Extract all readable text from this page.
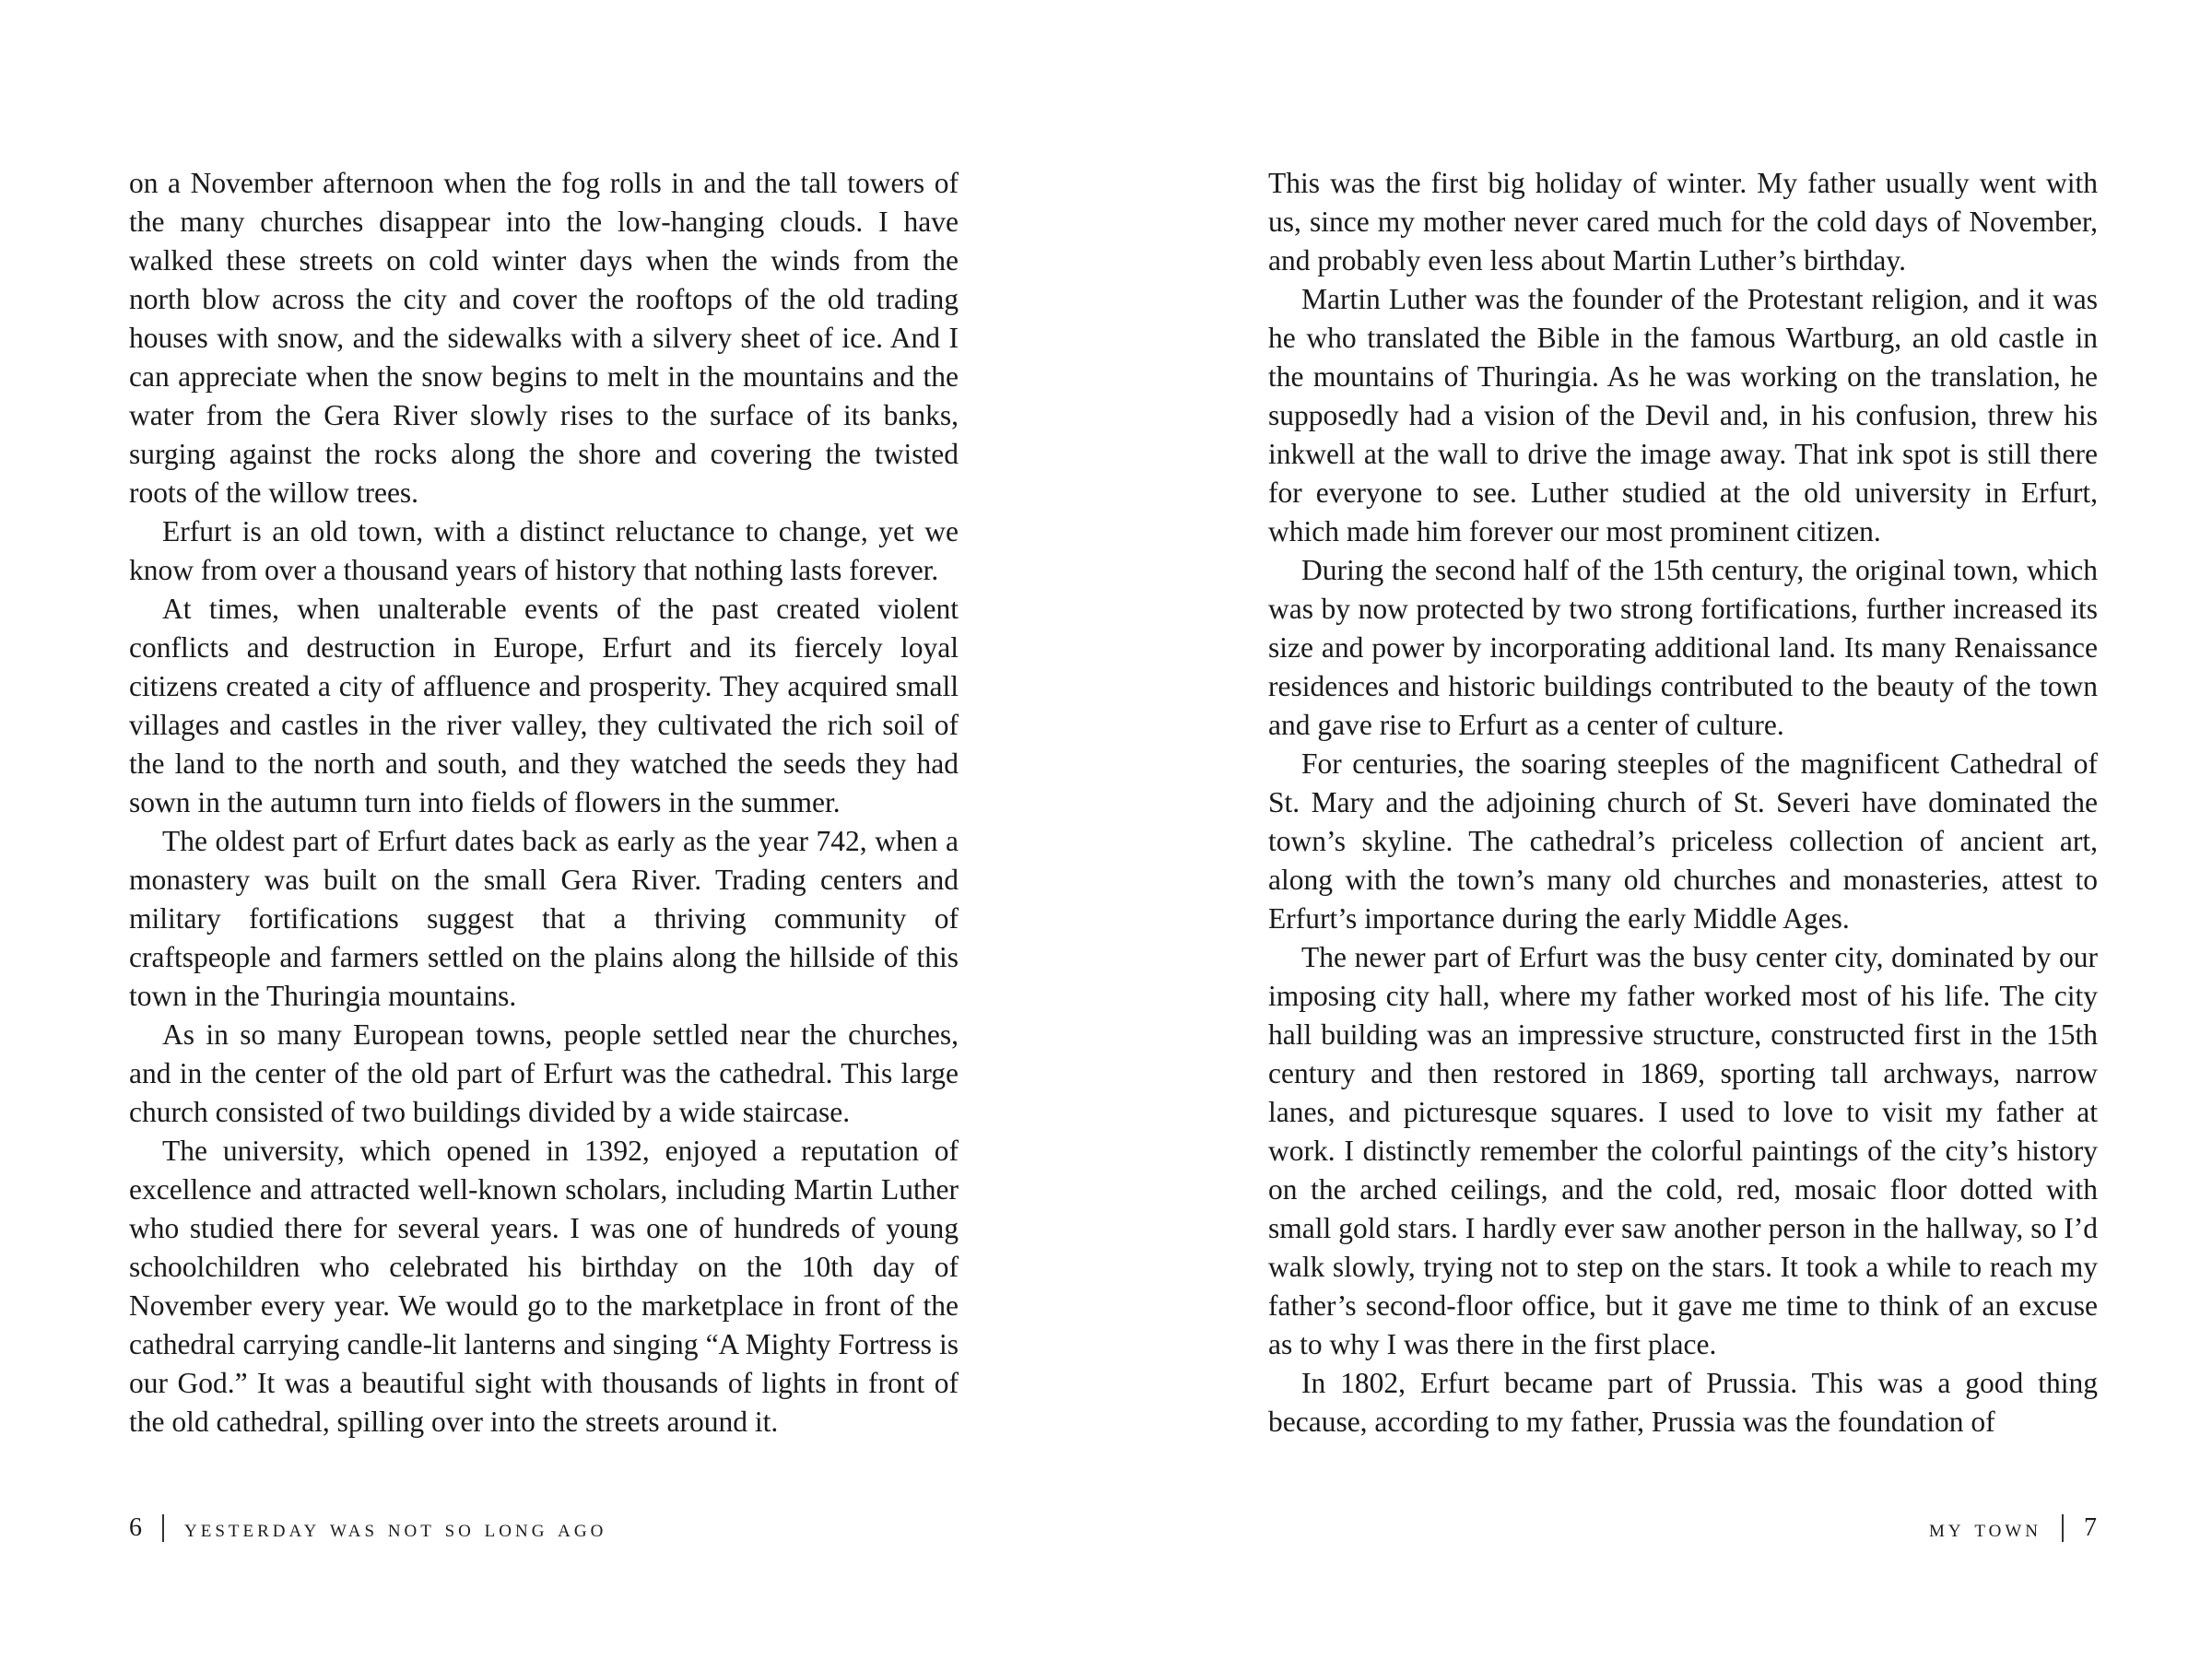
on a November afternoon when the fog rolls in and the tall towers of the many churches disappear into the low-hanging clouds. I have walked these streets on cold winter days when the winds from the north blow across the city and cover the rooftops of the old trading houses with snow, and the sidewalks with a silvery sheet of ice. And I can appreciate when the snow begins to melt in the mountains and the water from the Gera River slowly rises to the surface of its banks, surging against the rocks along the shore and covering the twisted roots of the willow trees.

Erfurt is an old town, with a distinct reluctance to change, yet we know from over a thousand years of history that nothing lasts forever.

At times, when unalterable events of the past created violent conflicts and destruction in Europe, Erfurt and its fiercely loyal citizens created a city of affluence and prosperity. They acquired small villages and castles in the river valley, they cultivated the rich soil of the land to the north and south, and they watched the seeds they had sown in the autumn turn into fields of flowers in the summer.

The oldest part of Erfurt dates back as early as the year 742, when a monastery was built on the small Gera River. Trading centers and military fortifications suggest that a thriving community of craftspeople and farmers settled on the plains along the hillside of this town in the Thuringia mountains.

As in so many European towns, people settled near the churches, and in the center of the old part of Erfurt was the cathedral. This large church consisted of two buildings divided by a wide staircase.

The university, which opened in 1392, enjoyed a reputation of excellence and attracted well-known scholars, including Martin Luther who studied there for several years. I was one of hundreds of young schoolchildren who celebrated his birthday on the 10th day of November every year. We would go to the marketplace in front of the cathedral carrying candle-lit lanterns and singing “A Mighty Fortress is our God.” It was a beautiful sight with thousands of lights in front of the old cathedral, spilling over into the streets around it.

6 yesterday was not so long ago

This was the first big holiday of winter. My father usually went with us, since my mother never cared much for the cold days of November, and probably even less about Martin Luther’s birthday.

Martin Luther was the founder of the Protestant religion, and it was he who translated the Bible in the famous Wartburg, an old castle in the mountains of Thuringia. As he was working on the translation, he supposedly had a vision of the Devil and, in his confusion, threw his inkwell at the wall to drive the image away. That ink spot is still there for everyone to see. Luther studied at the old university in Erfurt, which made him forever our most prominent citizen.

During the second half of the 15th century, the original town, which was by now protected by two strong fortifications, further increased its size and power by incorporating additional land. Its many Renaissance residences and historic buildings contributed to the beauty of the town and gave rise to Erfurt as a center of culture.

For centuries, the soaring steeples of the magnificent Cathedral of St. Mary and the adjoining church of St. Severi have dominated the town’s skyline. The cathedral’s priceless collection of ancient art, along with the town’s many old churches and monasteries, attest to Erfurt’s importance during the early Middle Ages.

The newer part of Erfurt was the busy center city, dominated by our imposing city hall, where my father worked most of his life. The city hall building was an impressive structure, constructed first in the 15th century and then restored in 1869, sporting tall archways, narrow lanes, and picturesque squares. I used to love to visit my father at work. I distinctly remember the colorful paintings of the city’s history on the arched ceilings, and the cold, red, mosaic floor dotted with small gold stars. I hardly ever saw another person in the hallway, so I’d walk slowly, trying not to step on the stars. It took a while to reach my father’s second-floor office, but it gave me time to think of an excuse as to why I was there in the first place.

In 1802, Erfurt became part of Prussia. This was a good thing because, according to my father, Prussia was the foundation of

my town 7
